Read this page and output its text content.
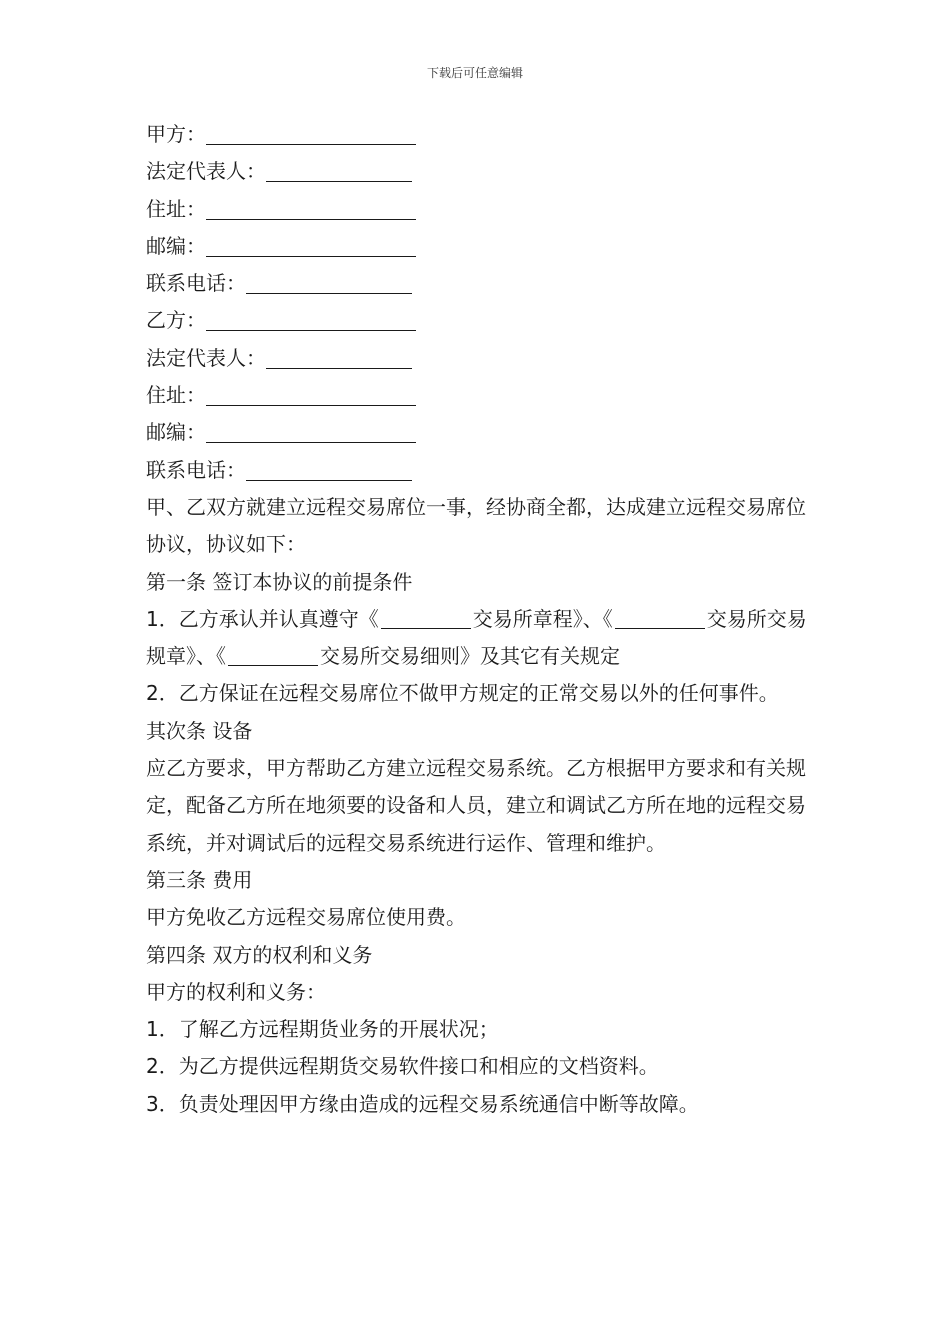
下载后可任意编辑
甲方：
法定代表人：
住址：
邮编：
联系电话：
乙方：
法定代表人：
住址：
邮编：
联系电话：
甲、乙双方就建立远程交易席位一事，经协商全都，达成建立远程交易席位协议，协议如下：
第一条 签订本协议的前提条件
1．乙方承认并认真遵守《	交易所章程》、《	交易所交易规章》、《	交易所交易细则》及其它有关规定
2．乙方保证在远程交易席位不做甲方规定的正常交易以外的任何事件。
其次条 设备
应乙方要求，甲方帮助乙方建立远程交易系统。乙方根据甲方要求和有关规定，配备乙方所在地须要的设备和人员，建立和调试乙方所在地的远程交易系统，并对调试后的远程交易系统进行运作、管理和维护。
第三条 费用
甲方免收乙方远程交易席位使用费。
第四条 双方的权利和义务
甲方的权利和义务：
1．了解乙方远程期货业务的开展状况；
2．为乙方提供远程期货交易软件接口和相应的文档资料。
3．负责处理因甲方缘由造成的远程交易系统通信中断等故障。
